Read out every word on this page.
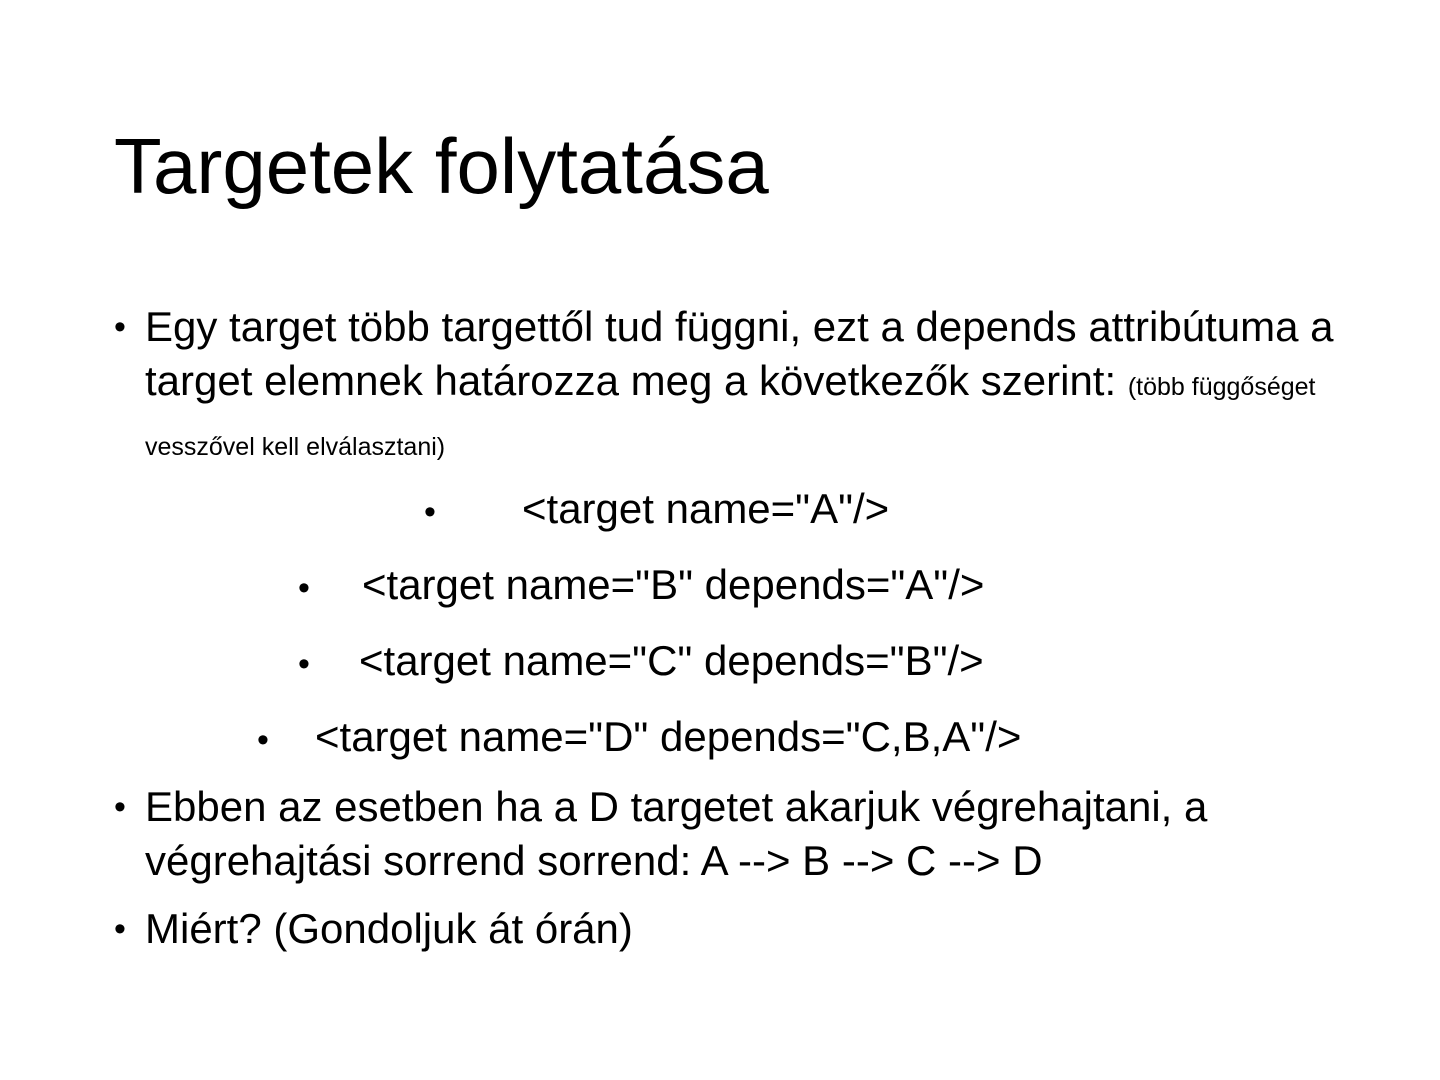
Targetek folytatása
• Egy target több targettől tud függni, ezt a depends attribútuma a target elemnek határozza meg a következők szerint: (több függőséget vesszővel kell elválasztani)
• <target name="A"/>
• <target name="B" depends="A"/>
• <target name="C" depends="B"/>
• <target name="D" depends="C,B,A"/>
• Ebben az esetben ha a D targetet akarjuk végrehajtani, a végrehajtási sorrend sorrend: A --> B --> C --> D
• Miért? (Gondoljuk át órán)
